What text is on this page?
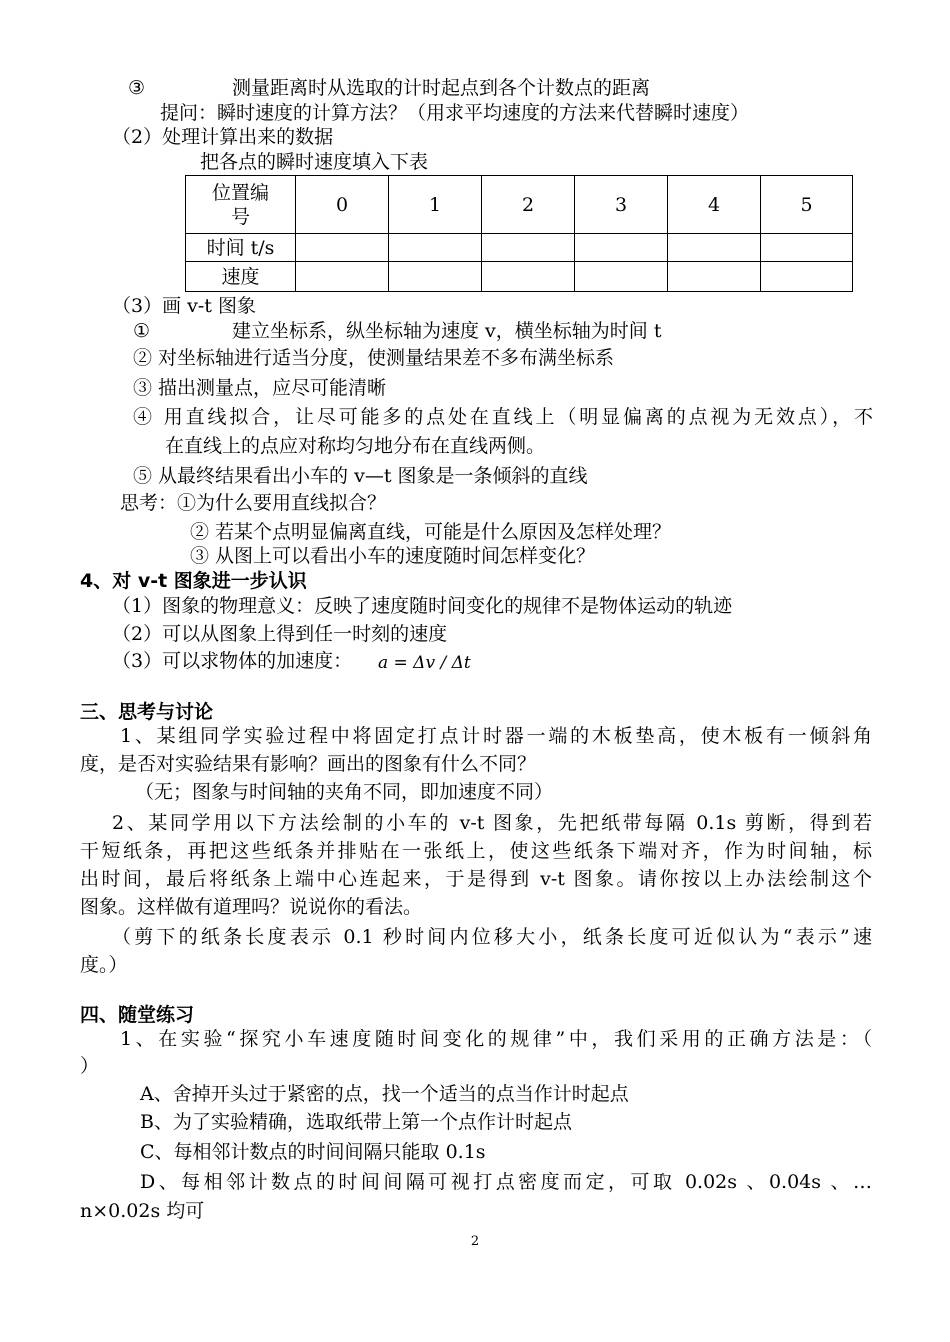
③	测量距离时从选取的计时起点到各个计数点的距离
提问：瞬时速度的计算方法？（用求平均速度的方法来代替瞬时速度）
（2）处理计算出来的数据
把各点的瞬时速度填入下表
位置编号	0	1	2	3	4	5
时间 t/s						
速度						
（3）画 v-t 图象
①	建立坐标系，纵坐标轴为速度 v，横坐标轴为时间 t
② 对坐标轴进行适当分度，使测量结果差不多布满坐标系
③ 描出测量点，应尽可能清晰
④ 用直线拟合，让尽可能多的点处在直线上（明显偏离的点视为无效点），不
在直线上的点应对称均匀地分布在直线两侧。
⑤ 从最终结果看出小车的 v—t 图象是一条倾斜的直线
思考：①为什么要用直线拟合？
② 若某个点明显偏离直线，可能是什么原因及怎样处理？
③ 从图上可以看出小车的速度随时间怎样变化？
4、对 v-t 图象进一步认识
（1）图象的物理意义：反映了速度随时间变化的规律不是物体运动的轨迹
（2）可以从图象上得到任一时刻的速度
（3）可以求物体的加速度： a = Δv / Δt
三、思考与讨论
1、某组同学实验过程中将固定打点计时器一端的木板垫高，使木板有一倾斜角
度，是否对实验结果有影响？画出的图象有什么不同？
（无；图象与时间轴的夹角不同，即加速度不同）
2、某同学用以下方法绘制的小车的 v-t 图象，先把纸带每隔 0.1s 剪断，得到若
干短纸条，再把这些纸条并排贴在一张纸上，使这些纸条下端对齐，作为时间轴，标
出时间，最后将纸条上端中心连起来，于是得到 v-t 图象。请你按以上办法绘制这个
图象。这样做有道理吗？说说你的看法。
（剪下的纸条长度表示 0.1 秒时间内位移大小，纸条长度可近似认为“表示”速
度。）
四、随堂练习
1、在实验“探究小车速度随时间变化的规律”中，我们采用的正确方法是：（
）
A、舍掉开头过于紧密的点，找一个适当的点当作计时起点
B、为了实验精确，选取纸带上第一个点作计时起点
C、每相邻计数点的时间间隔只能取 0.1s
D、每相邻计数点的时间间隔可视打点密度而定，可取 0.02s 、0.04s 、…
n×0.02s 均可
2
